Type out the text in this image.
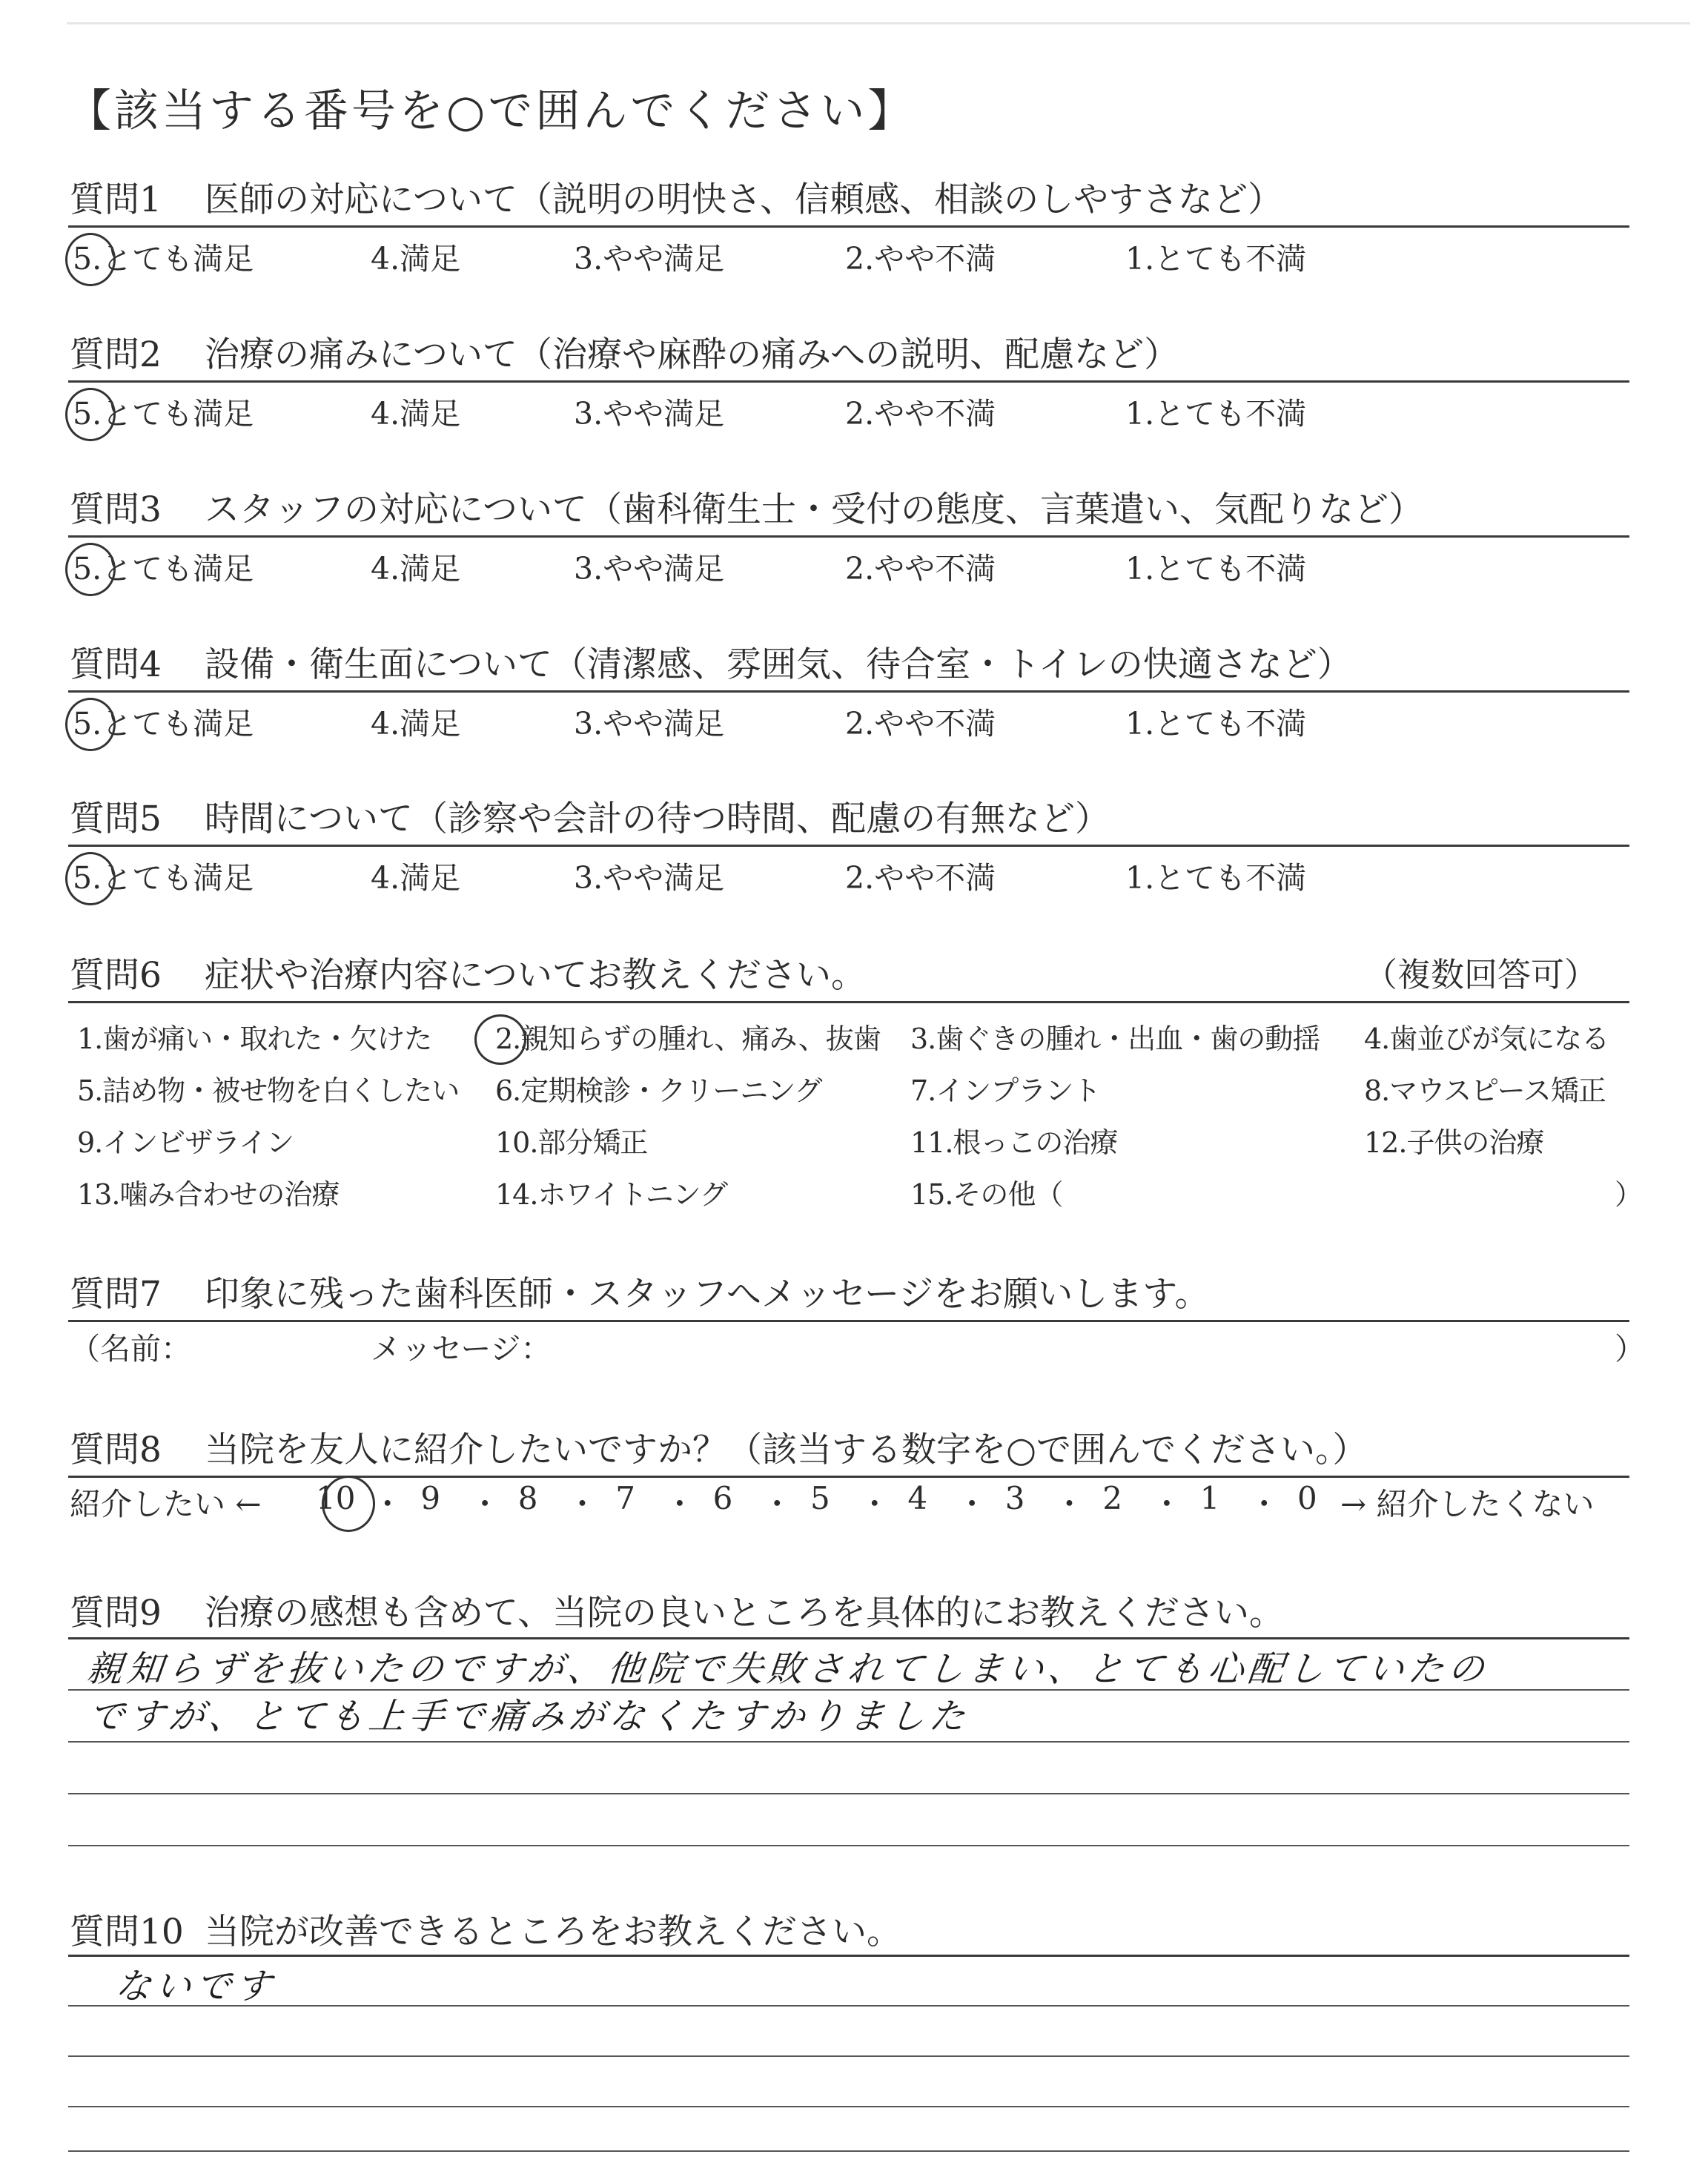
【該当する番号を○で囲んでください】
質問1 医師の対応について（説明の明快さ、信頼感、相談のしやすさなど）
5.とても満足	4.満足	3.やや満足	2.やや不満	1.とても不満
質問2 治療の痛みについて（治療や麻酔の痛みへの説明、配慮など）
5.とても満足	4.満足	3.やや満足	2.やや不満	1.とても不満
質問3 スタッフの対応について（歯科衛生士・受付の態度、言葉遣い、気配りなど）
5.とても満足	4.満足	3.やや満足	2.やや不満	1.とても不満
質問4 設備・衛生面について（清潔感、雰囲気、待合室・トイレの快適さなど）
5.とても満足	4.満足	3.やや満足	2.やや不満	1.とても不満
質問5 時間について（診察や会計の待つ時間、配慮の有無など）
5.とても満足	4.満足	3.やや満足	2.やや不満	1.とても不満
質問6 症状や治療内容についてお教えください。	（複数回答可）
1.歯が痛い・取れた・欠けた 2.親知らずの腫れ、痛み、抜歯 3.歯ぐきの腫れ・出血・歯の動揺 4.歯並びが気になる
5.詰め物・被せ物を白くしたい 6.定期検診・クリーニング	7.インプラント	8.マウスピース矯正
9.インビザライン	10.部分矯正	11.根っこの治療	12.子供の治療
13.噛み合わせの治療	14.ホワイトニング	15.その他（	）
質問7 印象に残った歯科医師・スタッフへメッセージをお願いします。
（名前：	メッセージ：	）
質問8 当院を友人に紹介したいですか？（該当する数字を○で囲んでください。）
紹介したい ←	→ 紹介したくない
10 ・ 9 ・ 8 ・ 7 ・ 6 ・ 5 ・ 4 ・ 3 ・ 2 ・ 1 ・ 0
質問9 治療の感想も含めて、当院の良いところを具体的にお教えください。
親知らずを抜いたのですが、他院で失敗されてしまい、とても心配していたの
ですが、とても上手で痛みがなくたすかりました
質問10 当院が改善できるところをお教えください。
ないです
